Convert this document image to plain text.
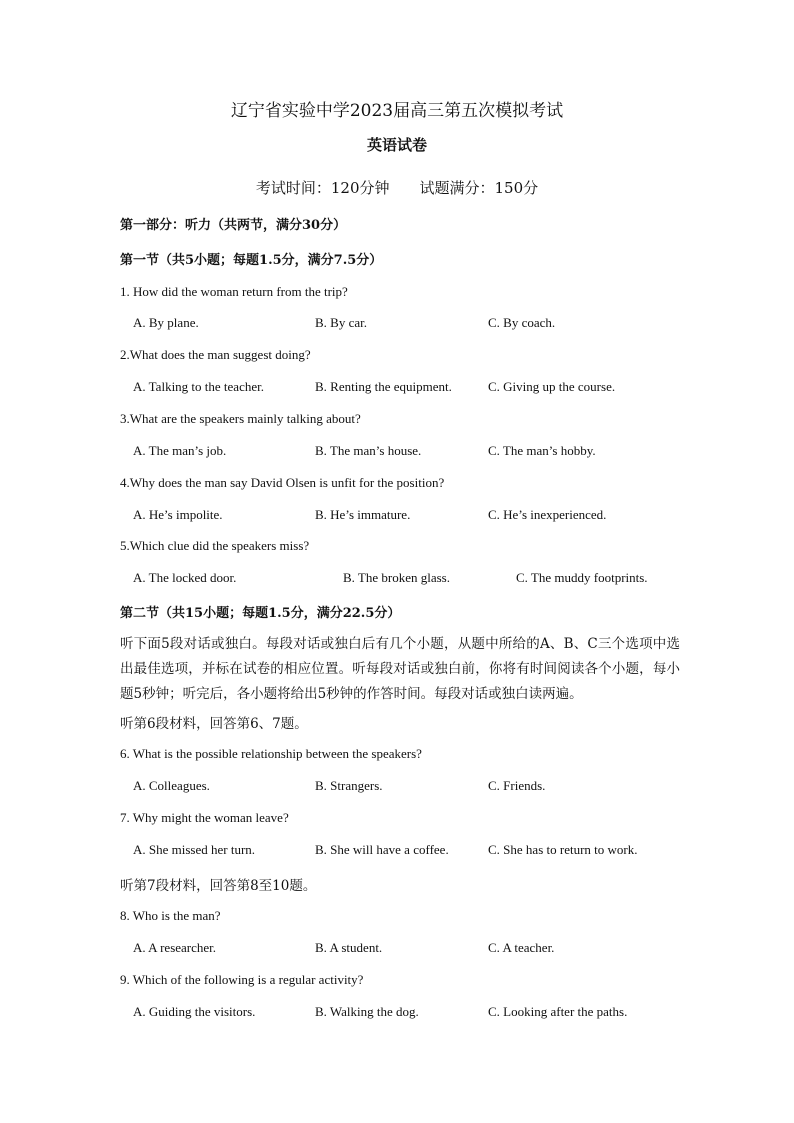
辽宁省实验中学2023届高三第五次模拟考试
英语试卷
考试时间：120分钟 试题满分：150分
第一部分：听力（共两节，满分30分）
第一节（共5小题；每题1.5分，满分7.5分）
1. How did the woman return from the trip?
A. By plane.	B. By car.	C. By coach.
2.What does the man suggest doing?
A. Talking to the teacher.	B. Renting the equipment.	C. Giving up the course.
3.What are the speakers mainly talking about?
A. The man’s job.	B. The man’s house.	C. The man’s hobby.
4.Why does the man say David Olsen is unfit for the position?
A. He’s impolite.	B. He’s immature.	C. He’s inexperienced.
5.Which clue did the speakers miss?
A. The locked door.	B. The broken glass.	C. The muddy footprints.
第二节（共15小题；每题1.5分，满分22.5分）
听下面5段对话或独白。每段对话或独白后有几个小题，从题中所给的A、B、C三个选项中选出最佳选项，并标在试卷的相应位置。听每段对话或独白前，你将有时间阅读各个小题，每小题5秒钟；听完后，各小题将给出5秒钟的作答时间。每段对话或独白读两遍。
听第6段材料，回答第6、7题。
6. What is the possible relationship between the speakers?
A. Colleagues.	B. Strangers.	C. Friends.
7. Why might the woman leave?
A. She missed her turn.	B. She will have a coffee.	C. She has to return to work.
听第7段材料，回答第8至10题。
8. Who is the man?
A. A researcher.	B. A student.	C. A teacher.
9. Which of the following is a regular activity?
A. Guiding the visitors.	B. Walking the dog.	C. Looking after the paths.
